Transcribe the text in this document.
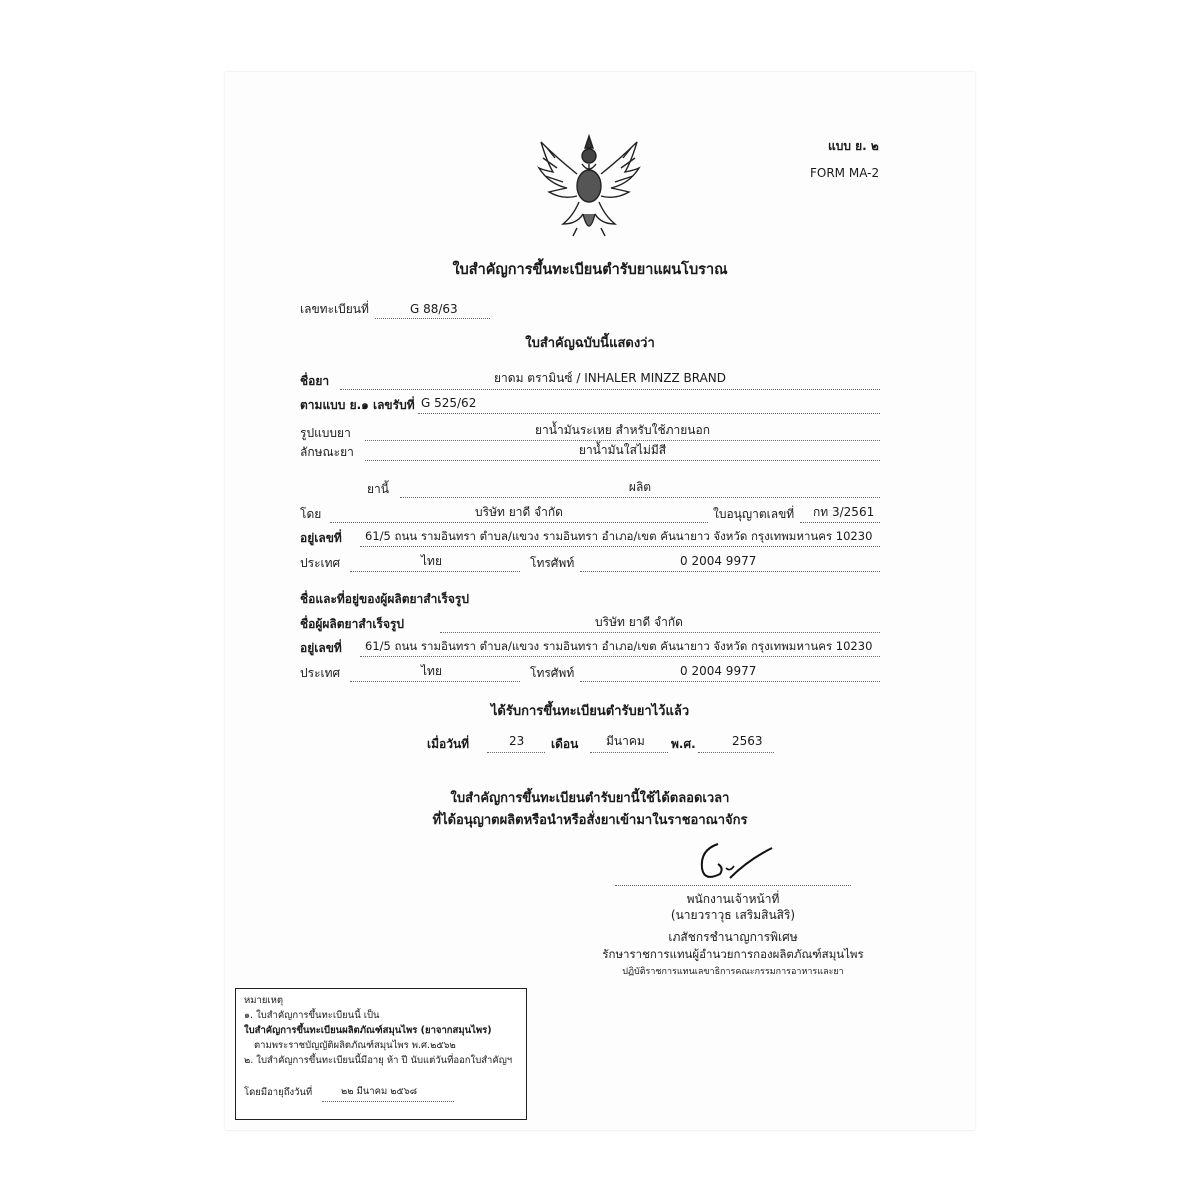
แบบ ย. ๒
FORM MA-2
ใบสำคัญการขึ้นทะเบียนตำรับยาแผนโบราณ
เลขทะเบียนที่	G 88/63
ใบสำคัญฉบับนี้แสดงว่า
ชื่อยา	ยาดม ตรามินซ์ / INHALER MINZZ BRAND
ตามแบบ ย.๑ เลขรับที่ G 525/62
รูปแบบยา	ยาน้ำมันระเหย สำหรับใช้ภายนอก
ลักษณะยา	ยาน้ำมันใสไม่มีสี
ยานี้	ผลิต
โดย	บริษัท ยาดี จำกัด	ใบอนุญาตเลขที่ กท 3/2561
อยู่เลขที่ 61/5 ถนน รามอินทรา ตำบล/แขวง รามอินทรา อำเภอ/เขต คันนายาว จังหวัด กรุงเทพมหานคร 10230
ประเทศ	ไทย	โทรศัพท์	0 2004 9977
ชื่อและที่อยู่ของผู้ผลิตยาสำเร็จรูป
ชื่อผู้ผลิตยาสำเร็จรูป	บริษัท ยาดี จำกัด
อยู่เลขที่ 61/5 ถนน รามอินทรา ตำบล/แขวง รามอินทรา อำเภอ/เขต คันนายาว จังหวัด กรุงเทพมหานคร 10230
ประเทศ	ไทย	โทรศัพท์	0 2004 9977
ได้รับการขึ้นทะเบียนตำรับยาไว้แล้ว
เมื่อวันที่	23 เดือน มีนาคม พ.ศ.	2563
ใบสำคัญการขึ้นทะเบียนตำรับยานี้ใช้ได้ตลอดเวลา
ที่ได้อนุญาตผลิตหรือนำหรือสั่งยาเข้ามาในราชอาณาจักร
พนักงานเจ้าหน้าที่
(นายวราวุธ เสริมสินสิริ)
เภสัชกรชำนาญการพิเศษ
รักษาราชการแทนผู้อำนวยการกองผลิตภัณฑ์สมุนไพร
ปฏิบัติราชการแทนเลขาธิการคณะกรรมการอาหารและยา
หมายเหตุ
๑. ใบสำคัญการขึ้นทะเบียนนี้ เป็น
ใบสำคัญการขึ้นทะเบียนผลิตภัณฑ์สมุนไพร (ยาจากสมุนไพร)
ตามพระราชบัญญัติผลิตภัณฑ์สมุนไพร พ.ศ.๒๕๖๒
๒. ใบสำคัญการขึ้นทะเบียนนี้มีอายุ ห้า ปี นับแต่วันที่ออกใบสำคัญฯ
โดยมีอายุถึงวันที่	๒๒ มีนาคม ๒๕๖๘
